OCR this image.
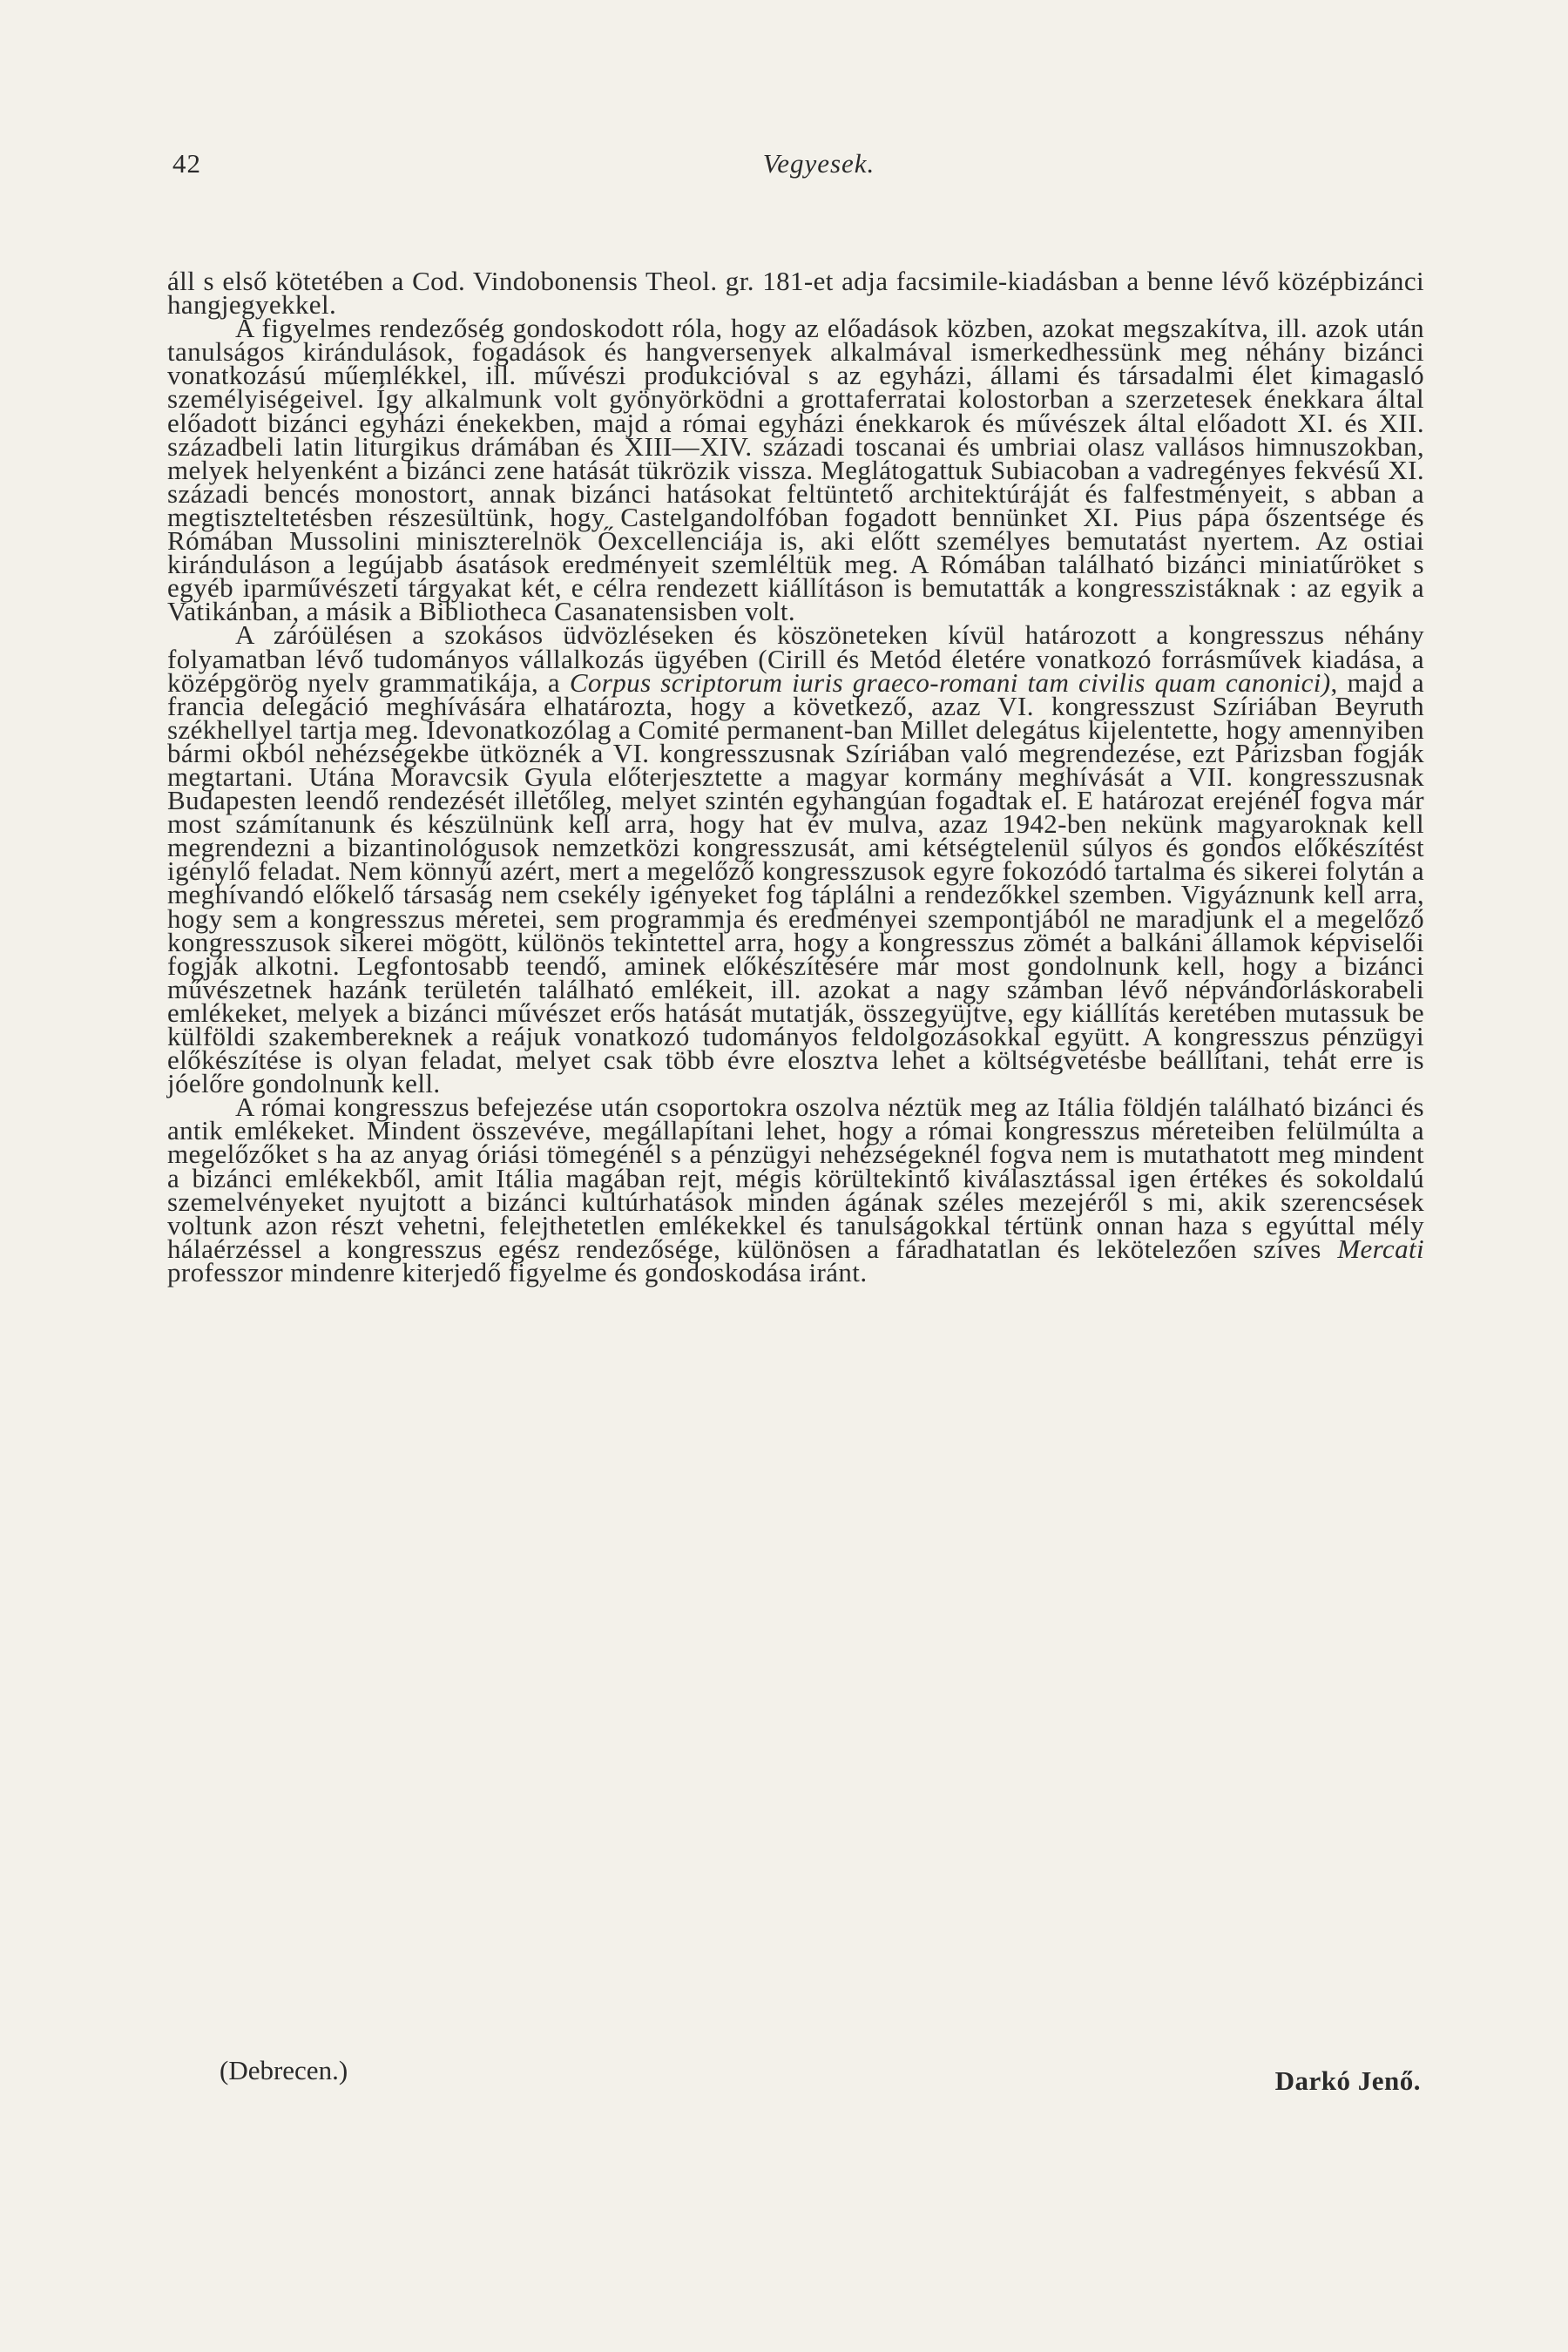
42	Vegyesek.

áll s első kötetében a Cod. Vindobonensis Theol. gr. 181-et adja facsimile-kiadásban a benne lévő középbizánci hangjegyekkel.

A figyelmes rendezőség gondoskodott róla, hogy az előadások közben, azokat megszakítva, ill. azok után tanulságos kirándulások, fogadások és hangversenyek alkalmával ismerkedhessünk meg néhány bizánci vonatkozású műemlékkel, ill. művészi produkcióval s az egyházi, állami és társadalmi élet kimagasló személyiségeivel. Így alkalmunk volt gyönyörködni a grottaferratai kolostorban a szerzetesek énekkara által előadott bizánci egyházi énekekben, majd a római egyházi énekkarok és művészek által előadott XI. és XII. századbeli latin liturgikus drámában és XIII—XIV. századi toscanai és umbriai olasz vallásos himnuszokban, melyek helyenként a bizánci zene hatását tükrözik vissza. Meglátogattuk Subiacoban a vadregényes fekvésű XI. századi bencés monostort, annak bizánci hatásokat feltüntető architektúráját és falfestményeit, s abban a megtiszteltetésben részesültünk, hogy Castelgandolfóban fogadott bennünket XI. Pius pápa őszentsége és Rómában Mussolini miniszterelnök Őexcellenciája is, aki előtt személyes bemutatást nyertem. Az ostiai kiránduláson a legújabb ásatások eredményeit szemléltük meg. A Rómában található bizánci miniatűröket s egyéb iparművészeti tárgyakat két, e célra rendezett kiállításon is bemutatták a kongresszistáknak : az egyik a Vatikánban, a másik a Bibliotheca Casanatensisben volt.

A záróülésen a szokásos üdvözléseken és köszöneteken kívül határozott a kongresszus néhány folyamatban lévő tudományos vállalkozás ügyében (Cirill és Metód életére vonatkozó forrásművek kiadása, a középgörög nyelv grammatikája, a Corpus scriptorum iuris graeco-romani tam civilis quam canonici), majd a francia delegáció meghívására elhatározta, hogy a következő, azaz VI. kongresszust Szíriában Beyruth székhellyel tartja meg. Idevonatkozólag a Comité permanent-ban Millet delegátus kijelentette, hogy amennyiben bármi okból nehézségekbe ütköznék a VI. kongresszusnak Szíriában való megrendezése, ezt Párizsban fogják megtartani. Utána Moravcsik Gyula előterjesztette a magyar kormány meghívását a VII. kongresszusnak Budapesten leendő rendezését illetőleg, melyet szintén egyhangúan fogadtak el. E határozat erejénél fogva már most számítanunk és készülnünk kell arra, hogy hat év mulva, azaz 1942-ben nekünk magyaroknak kell megrendezni a bizantinológusok nemzetközi kongresszusát, ami kétségtelenül súlyos és gondos előkészítést igénylő feladat. Nem könnyű azért, mert a megelőző kongresszusok egyre fokozódó tartalma és sikerei folytán a meghívandó előkelő társaság nem csekély igényeket fog táplálni a rendezőkkel szemben. Vigyáznunk kell arra, hogy sem a kongresszus méretei, sem programmja és eredményei szempontjából ne maradjunk el a megelőző kongresszusok sikerei mögött, különös tekintettel arra, hogy a kongresszus zömét a balkáni államok képviselői fogják alkotni. Legfontosabb teendő, aminek előkészítésére már most gondolnunk kell, hogy a bizánci művészetnek hazánk területén található emlékeit, ill. azokat a nagy számban lévő népvándorláskorabeli emlékeket, melyek a bizánci művészet erős hatását mutatják, összegyüjtve, egy kiállítás keretében mutassuk be külföldi szakembereknek a reájuk vonatkozó tudományos feldolgozásokkal együtt. A kongresszus pénzügyi előkészítése is olyan feladat, melyet csak több évre elosztva lehet a költségvetésbe beállítani, tehát erre is jóelőre gondolnunk kell.

A római kongresszus befejezése után csoportokra oszolva néztük meg az Itália földjén található bizánci és antik emlékeket. Mindent összevéve, megállapítani lehet, hogy a római kongresszus méreteiben felülmúlta a megelőzőket s ha az anyag óriási tömegénél s a pénzügyi nehézségeknél fogva nem is mutathatott meg mindent a bizánci emlékekből, amit Itália magában rejt, mégis körültekintő kiválasztással igen értékes és sokoldalú szemelvényeket nyujtott a bizánci kultúrhatások minden ágának széles mezejéről s mi, akik szerencsések voltunk azon részt vehetni, felejthetetlen emlékekkel és tanulságokkal tértünk onnan haza s egyúttal mély hálaérzéssel a kongresszus egész rendezősége, különösen a fáradhatatlan és lekötelezően szíves Mercati professzor mindenre kiterjedő figyelme és gondoskodása iránt.

(Debrecen.)	Darkó Jenő.
